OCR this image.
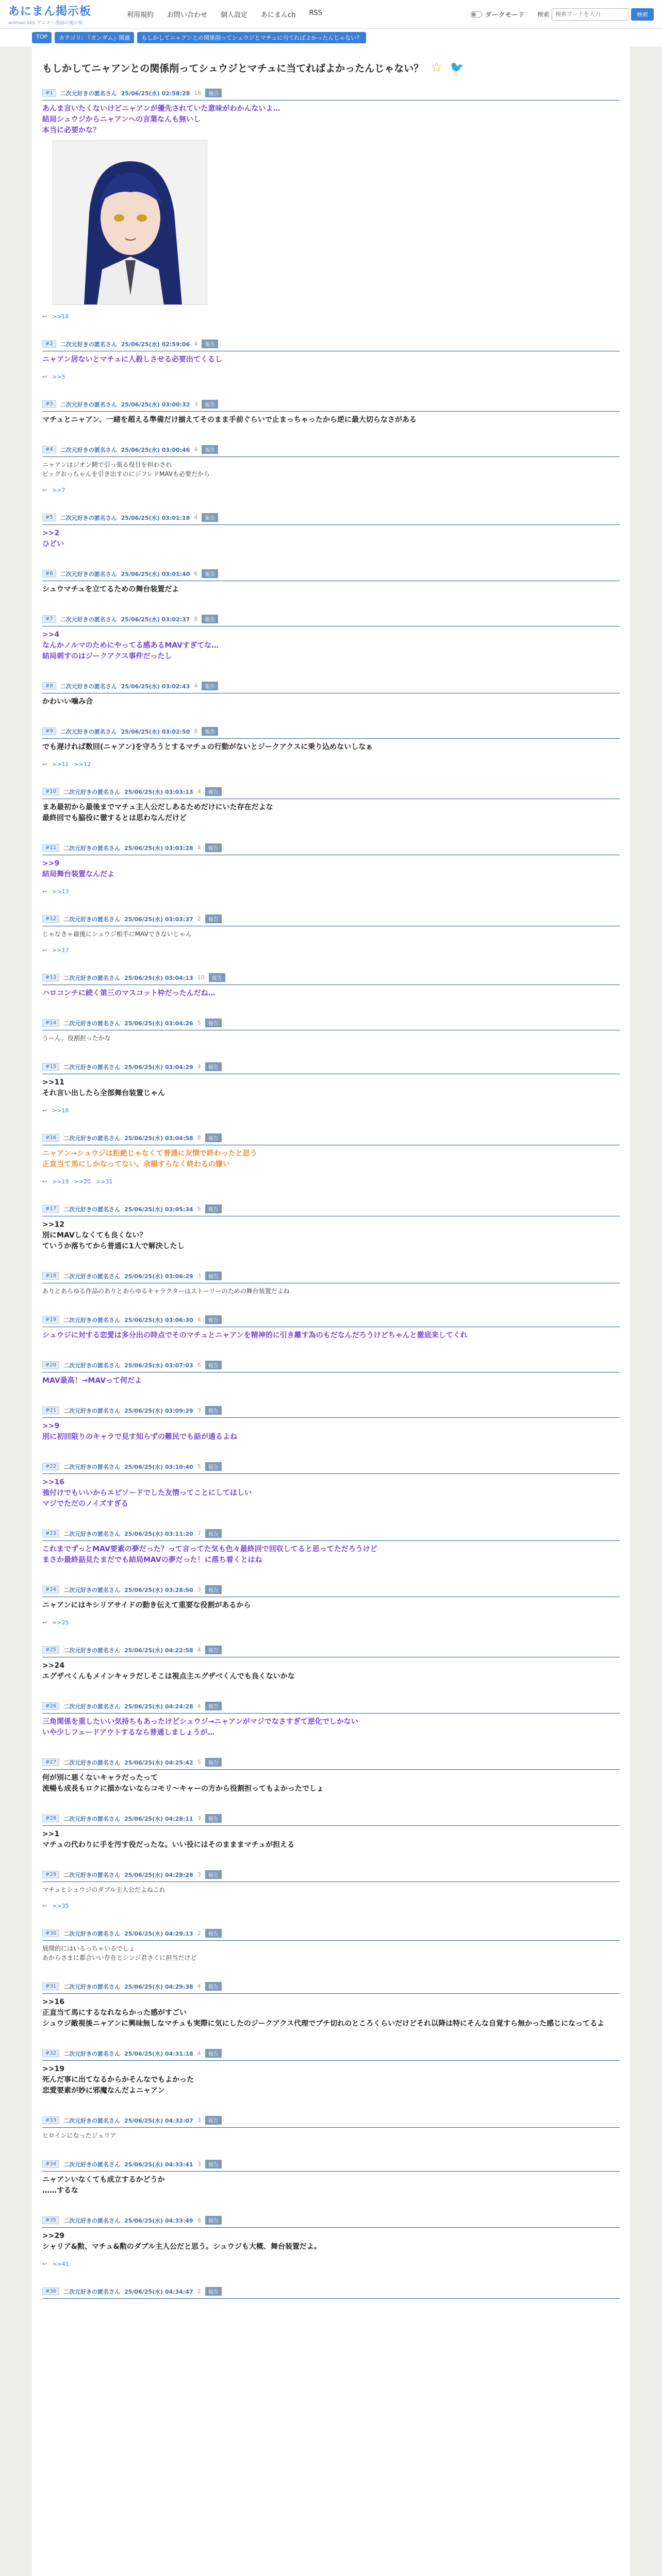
あにまん掲示板
animan bbs アニメ・漫画の掲示板
利用規約 お問い合わせ 個人設定 あにまんch RSS	ダークモード 検索
検索ワードを入力	検索
TOP	カテゴリ: 『ガンダム』関連	もしかしてニャアンとの関係削ってシュウジとマチュに当てればよかったんじゃない？
もしかしてニャアンとの関係削ってシュウジとマチュに当てればよかったんじゃない？ ☆ 🐦
#1	二次元好きの匿名さん 25/06/25(水) 02:58:28 16	報告
あんま言いたくないけどニャアンが優先されていた意味がわかんないよ…
結局シュウジからニャアンへの言葉なんも無いし
本当に必要かな？
↩ >>18
#2	二次元好きの匿名さん 25/06/25(水) 02:59:06 4	報告
ニャアン居ないとマチュに人殺しさせる必要出てくるし
↩ >>5
#3	二次元好きの匿名さん 25/06/25(水) 03:00:32 3	報告
マチュとニャアン、一緒を超える準備だけ揃えてそのまま手前ぐらいで止まっちゃったから逆に最大切らなさがある
#4	二次元好きの匿名さん 25/06/25(水) 03:00:46 4	報告
ニャアンはジオン側で引っ張る役目を担わされ
ビッグおっちゃんを引き出すのにジフレドMAVも必要だから
↩ >>7
#5	二次元好きの匿名さん 25/06/25(水) 03:01:18 4	報告
>>2
ひどい
#6	二次元好きの匿名さん 25/06/25(水) 03:01:40 6	報告
シュウマチュを立てるための舞台装置だよ
#7	二次元好きの匿名さん 25/06/25(水) 03:02:37 8	報告
>>4
なんかノルマのためにやってる感あるMAVすぎてな…
結局刺すのはジークアクス事件だったし
#8	二次元好きの匿名さん 25/06/25(水) 03:02:43 4	報告
かわいい噛み合
#9	二次元好きの匿名さん 25/06/25(水) 03:02:50 8	報告
でも遅ければ数回(ニャアン)を守ろうとするマチュの行動がないとジークアクスに乗り込めないしなぁ
↩ >>11 >>12
#10	二次元好きの匿名さん 25/06/25(水) 03:03:13 4	報告
まあ最初から最後までマチュ主人公だしあるためだけにいた存在だよな
最終回でも脇役に徹するとは思わなんだけど
#11	二次元好きの匿名さん 25/06/25(水) 03:03:28 4	報告
>>9
結局舞台装置なんだよ
↩ >>13
#12	二次元好きの匿名さん 25/06/25(水) 03:03:37 2	報告
じゃなきゃ最後にシュウジ相手にMAVできないじゃん
↩ >>17
#13	二次元好きの匿名さん 25/06/25(水) 03:04:13 10	報告
ハロコンチに続く第三のマスコット枠だったんだね…
#14	二次元好きの匿名さん 25/06/25(水) 03:04:26 5	報告
うーん、役割担ったかな
#15	二次元好きの匿名さん 25/06/25(水) 03:04:29 4	報告
>>11
それ言い出したら全部舞台装置じゃん
↩ >>16
#16	二次元好きの匿名さん 25/06/25(水) 03:04:58 8	報告
ニャアン→シュウジは拒絶じゃなくて普通に友情で終わったと思う
正直当て馬にしかなってない。余韻すらなく終わるの嫌い
↩ >>19 >>20 >>31
#17	二次元好きの匿名さん 25/06/25(水) 03:05:34 5	報告
>>12
別にMAVしなくても良くない？
ていうか落ちてから普通に1人で解決したし
#18	二次元好きの匿名さん 25/06/25(水) 03:06:29 3	報告
ありとあらゆる作品のありとあらゆるキャラクターはストーリーのための舞台装置だよね
#19	二次元好きの匿名さん 25/06/25(水) 03:06:30 4	報告
シュウジに対する恋愛は多分出の時点でそのマチュとニャアンを精神的に引き離す為のもだなんだろうけどちゃんと徹底来してくれ
#20	二次元好きの匿名さん 25/06/25(水) 03:07:03 6	報告
MAV最高！→MAVって何だよ
#21	二次元好きの匿名さん 25/06/25(水) 03:09:29 3	報告
>>9
別に初回限りのキャラで見す知らずの難民でも話が通るよね
#22	二次元好きの匿名さん 25/06/25(水) 03:10:40 5	報告
>>16
強付けでもいいからエピソードでした友情ってことにしてほしい
マジでただのノイズすぎる
#23	二次元好きの匿名さん 25/06/25(水) 03:11:20 7	報告
これまでずっとMAV要素の夢だった？って言ってた気も色々最終回で回収してると思ってただろうけど
まさか最終話見たまだでも結局MAVの夢だった！に落ち着くとはね
#24	二次元好きの匿名さん 25/06/25(水) 03:28:50 3	報告
ニャアンにはキシリアサイドの動き伝えて重要な役割があるから
↩ >>25
#25	二次元好きの匿名さん 25/06/25(水) 04:22:58 4	報告
>>24
エグザベくんもメインキャラだしそこは視点主エグザベくんでも良くないかな
#26	二次元好きの匿名さん 25/06/25(水) 04:24:28 4	報告
三角関係を重したいい気持ちもあったけどシュウジ→ニャアンがマジでなさすぎて逆化でしかない
いや少しフェードアウトするなら普通しましょうが…
#27	二次元好きの匿名さん 25/06/25(水) 04:25:42 5	報告
何が別に悪くないキャラだったって
流暢も成長もロクに描かないならコモリ～キャーの方から役割担ってもよかったでしょ
#28	二次元好きの匿名さん 25/06/25(水) 04:28:11 3	報告
>>1
マチュの代わりに手を汚す役だったな。いい役にはそのまままマチュが担える
#29	二次元好きの匿名さん 25/06/25(水) 04:28:28 3	報告
マチュとシュウジのダブル主人公だよねこれ
↩ >>35
#30	二次元好きの匿名さん 25/06/25(水) 04:29:13 2	報告
展開的にはいるっちゃいるでしょ
あからさまに都合いい存在とシンジ君さくに担当だけど
#31	二次元好きの匿名さん 25/06/25(水) 04:29:38 4	報告
>>16
正直当て馬にするなれならかった感がすごい
シュウジ敵視後ニャアンに興味無しなマチュも実際に気にしたのジークアクス代理でプチ切れのところくらいだけどそれ以降は特にそんな自覚すら無かった感じになってるよ
#32	二次元好きの匿名さん 25/06/25(水) 04:31:18 4	報告
>>19
死んだ事に出てなるからかそんなでもよかった
恋愛要素が妙に邪魔なんだよニャアン
#33	二次元好きの匿名さん 25/06/25(水) 04:32:07 3	報告
ヒロインになったジュリア
#34	二次元好きの匿名さん 25/06/25(水) 04:33:41 3	報告
ニャアンいなくても成立するかどうか
……するな
#35	二次元好きの匿名さん 25/06/25(水) 04:33:49 6	報告
>>29
シャリア&勲、マチュ&勲のダブル主人公だと思う。シュウジも大概、舞台装置だよ。
↩ >>41
#36	二次元好きの匿名さん 25/06/25(水) 04:34:47 2	報告
